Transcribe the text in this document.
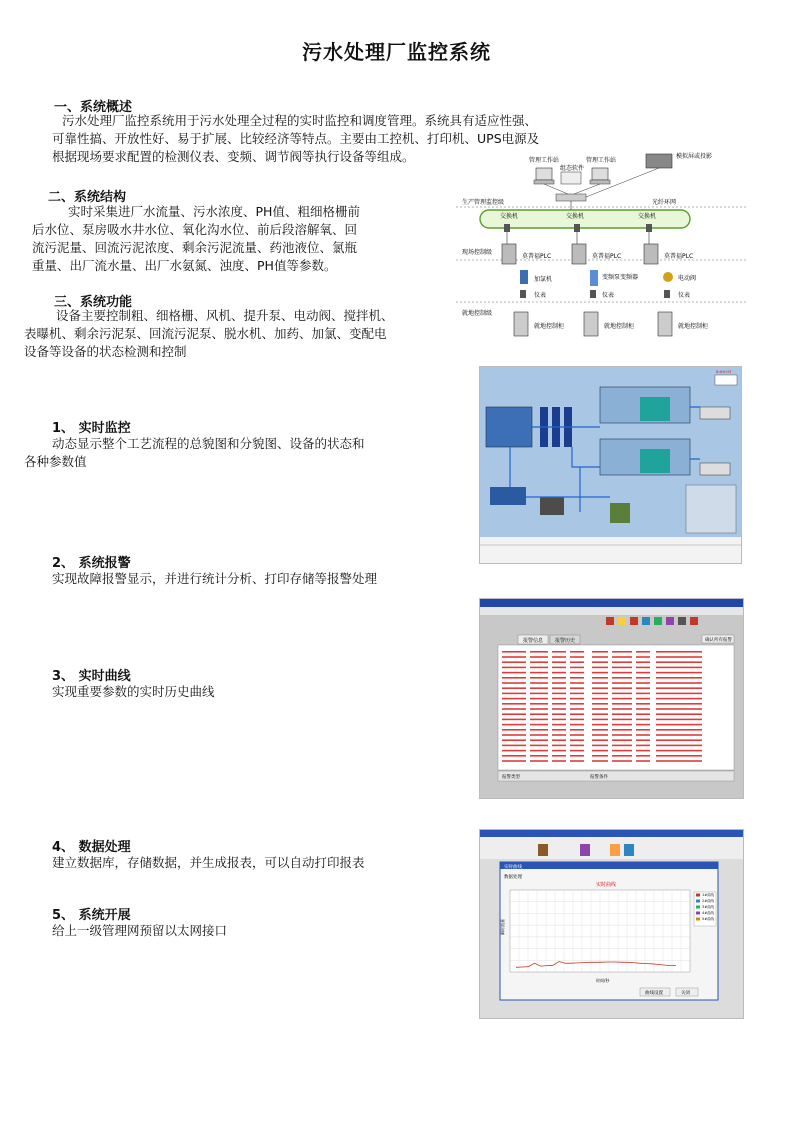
污水处理厂监控系统
一、系统概述
污水处理厂监控系统用于污水处理全过程的实时监控和调度管理。系统具有适应性强、
可靠性搞、开放性好、易于扩展、比较经济等特点。主要由工控机、打印机、UPS电源及
根据现场要求配置的检测仪表、变频、调节阀等执行设备等组成。
二、系统结构
实时采集进厂水流量、污水浓度、PH值、粗细格栅前
后水位、泵房吸水井水位、氧化沟水位、前后段溶解氧、回
流污泥量、回流污泥浓度、剩余污泥流量、药池液位、氯瓶
重量、出厂流水量、出厂水氨氮、浊度、PH值等参数。
三、系统功能
设备主要控制粗、细格栅、风机、提升泵、电动阀、搅拌机、
表曝机、剩余污泥泵、回流污泥泵、脱水机、加药、加氯、变配电
设备等设备的状态检测和控制
1、 实时监控
动态显示整个工艺流程的总貌图和分貌图、设备的状态和
各种参数值
2、 系统报警
实现故障报警显示，并进行统计分析、打印存储等报警处理
3、 实时曲线
实现重要参数的实时历史曲线
4、 数据处理
建立数据库，存储数据，并生成报表，可以自动打印报表
5、 系统开展
给上一级管理网预留以太网接口
管理工作站	管理工作站
模拟屏或投影
组态软件
生产管理监控级	光纤环网
交换机	交换机	交换机
现场控制级
莫普福PLC	莫普福PLC	莫普福PLC
加氯机
仪表
变频泵变频器
仪表
电动阀
仪表
就地控制级
就地控制柜	就地控制柜	就地控制柜
8:00:01
报警信息 报警历史	确认所有报警
报警类型	报警条件
实时曲线
数据处理
实时曲线
瞬时流量
时间/秒
1#曲线
2#曲线
3#曲线
4#曲线
5#曲线
曲线设置	关闭
